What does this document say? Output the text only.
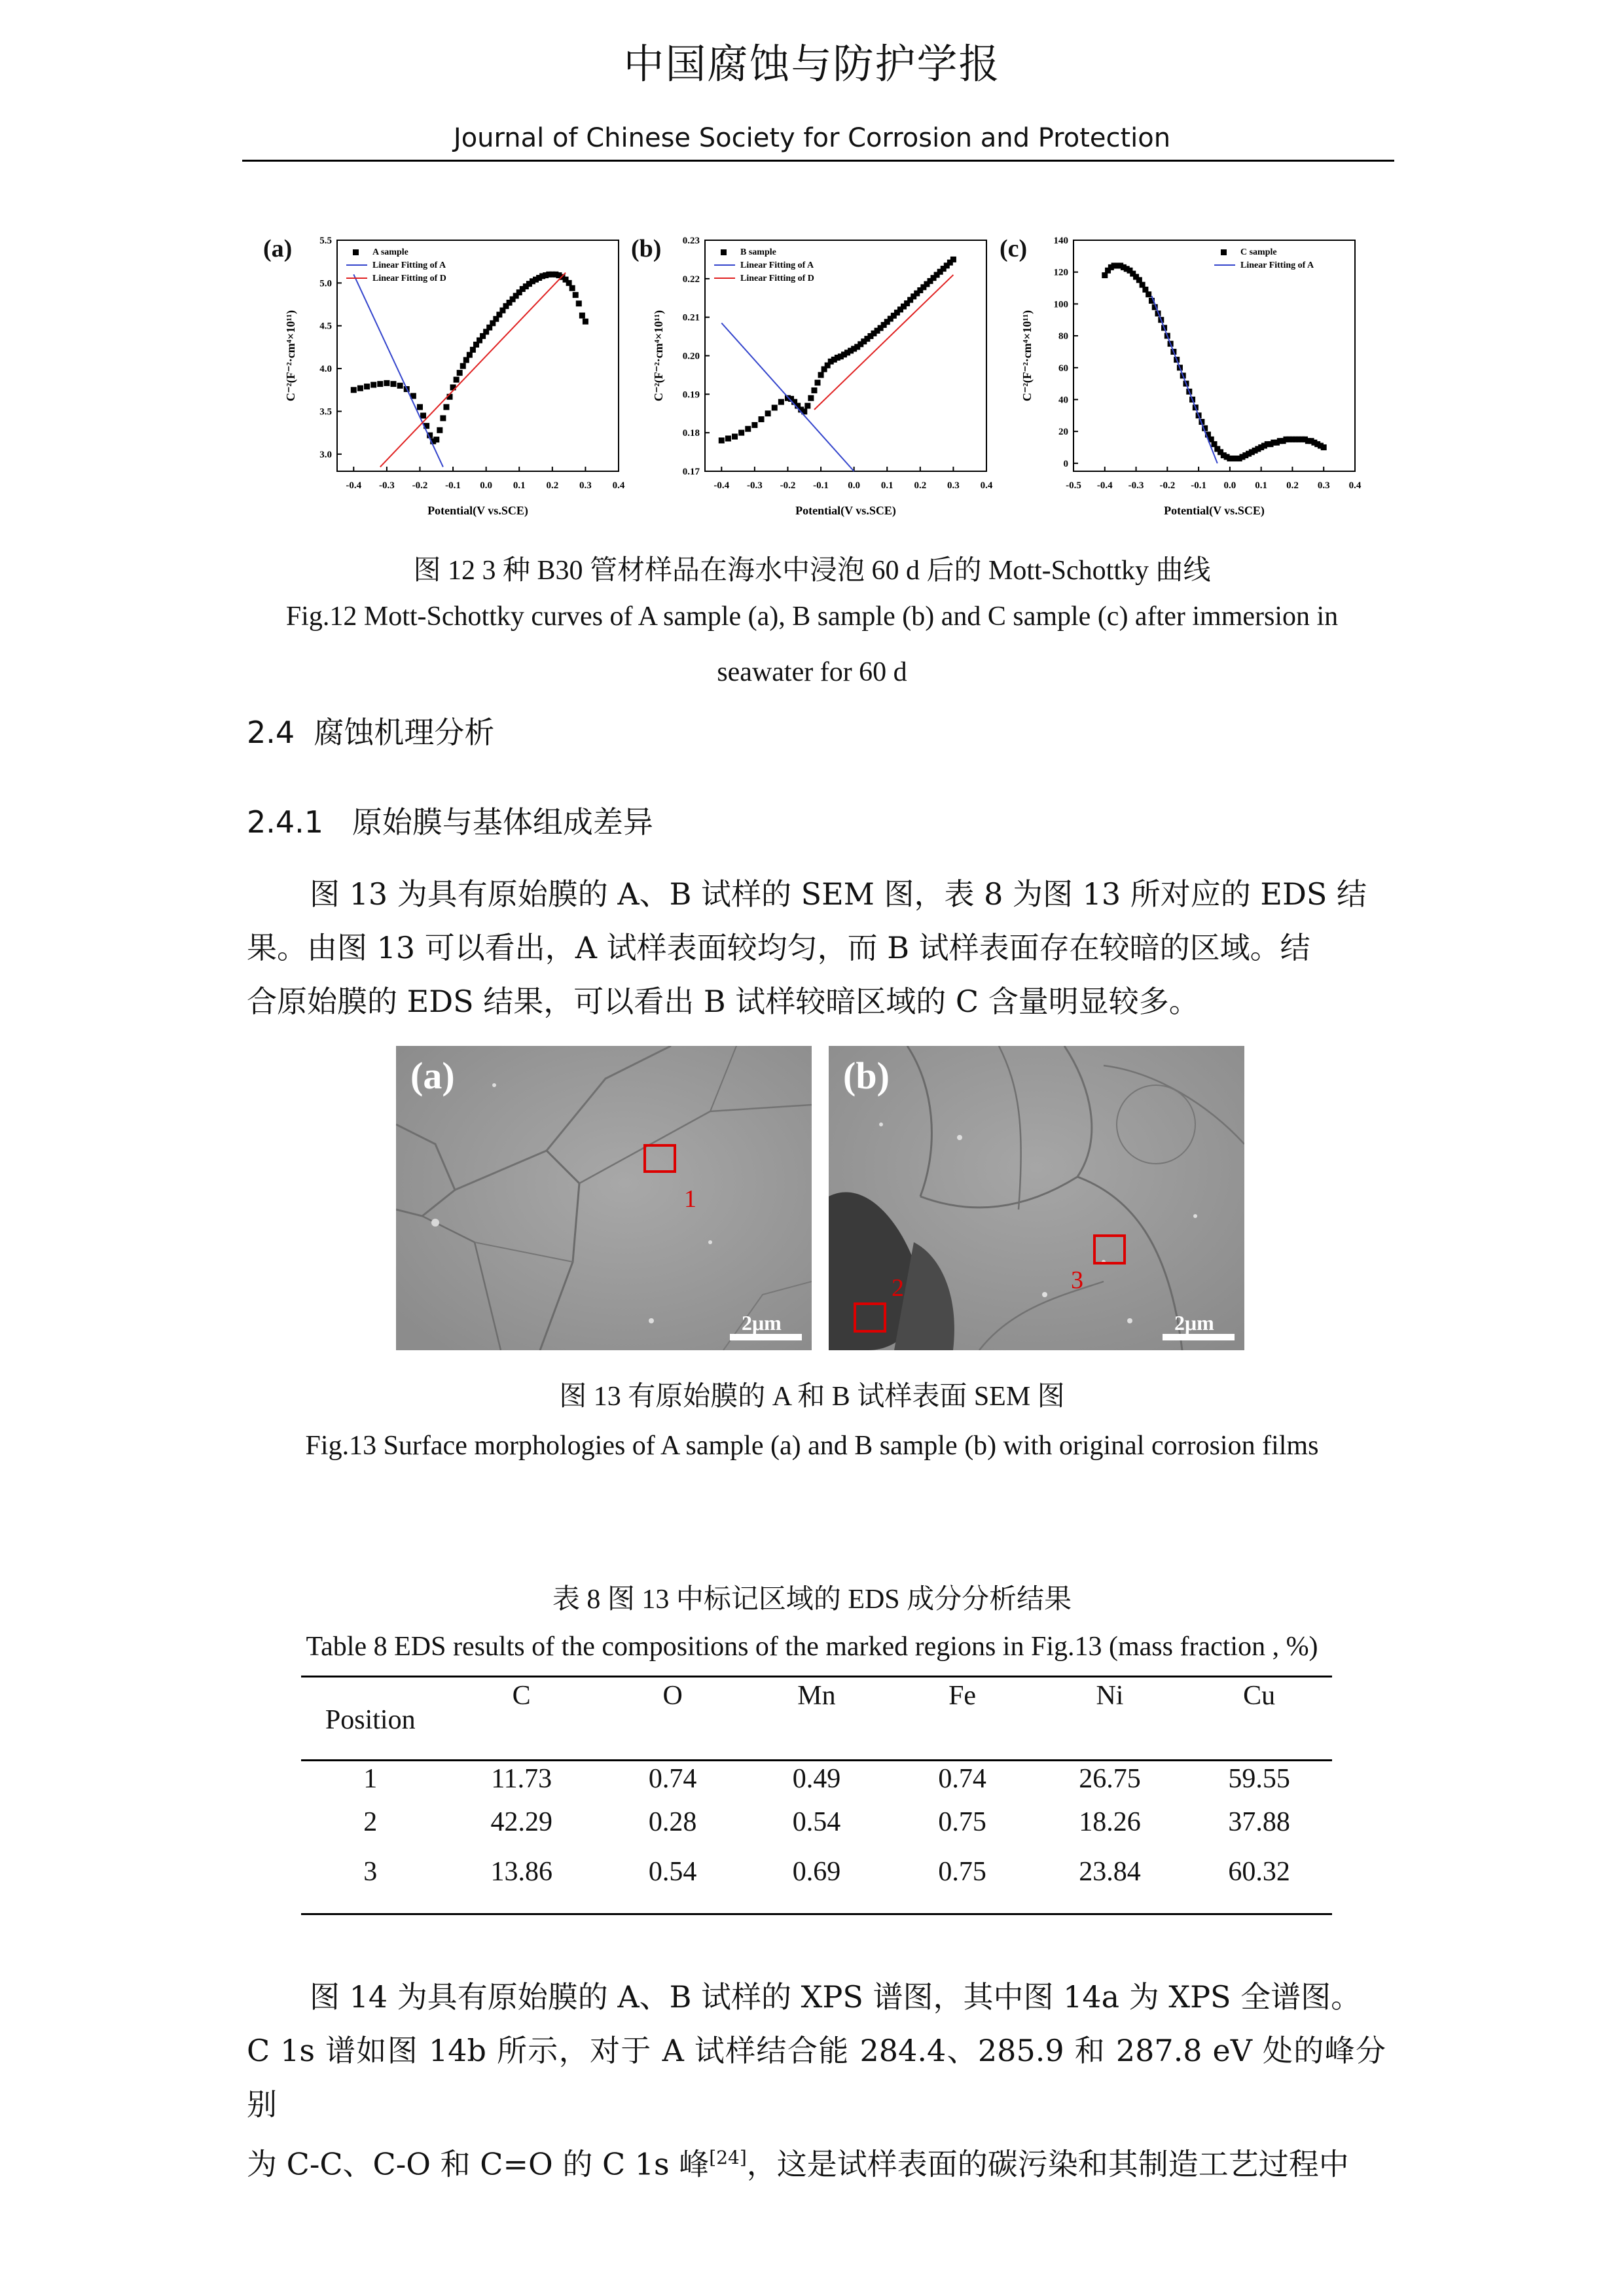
中国腐蚀与防护学报
Journal of Chinese Society for Corrosion and Protection
(a)	(b)	(c)
-0.4 -0.3 -0.2 -0.1 0.0 0.1 0.2 0.3 0.4
3.0
3.5
4.0
4.5
5.0
5.5
Potential(V vs.SCE)
C⁻²(F⁻²·cm⁴×10¹¹)
A sample
Linear Fitting of A
Linear Fitting of D
-0.4 -0.3 -0.2 -0.1 0.0 0.1 0.2 0.3 0.4
0.17
0.18
0.19
0.20
0.21
0.22
0.23
Potential(V vs.SCE)
C⁻²(F⁻²·cm⁴×10¹¹)
B sample
Linear Fitting of A
Linear Fitting of D
-0.5 -0.4 -0.3 -0.2 -0.1 0.0 0.1 0.2 0.3 0.4
0
20
40
60
80
100
120
140
Potential(V vs.SCE)
C⁻²(F⁻²·cm⁴×10¹¹)
C sample
Linear Fitting of A
图 12 3 种 B30 管材样品在海水中浸泡 60 d 后的 Mott-Schottky 曲线
Fig.12 Mott-Schottky curves of A sample (a), B sample (b) and C sample (c) after immersion in
seawater for 60 d
2.4 腐蚀机理分析
2.4.1 原始膜与基体组成差异
图 13 为具有原始膜的 A、B 试样的 SEM 图，表 8 为图 13 所对应的 EDS 结
果。由图 13 可以看出，A 试样表面较均匀，而 B 试样表面存在较暗的区域。结
合原始膜的 EDS 结果，可以看出 B 试样较暗区域的 C 含量明显较多。
(a)
1
2μm
(b)
2	3
2μm
图 13 有原始膜的 A 和 B 试样表面 SEM 图
Fig.13 Surface morphologies of A sample (a) and B sample (b) with original corrosion films
表 8 图 13 中标记区域的 EDS 成分分析结果
Table 8 EDS results of the compositions of the marked regions in Fig.13 (mass fraction , %)
Position	C	O	Mn	Fe	Ni	Cu
1	11.73	0.74	0.49	0.74	26.75	59.55
2	42.29	0.28	0.54	0.75	18.26	37.88
3	13.86	0.54	0.69	0.75	23.84	60.32
图 14 为具有原始膜的 A、B 试样的 XPS 谱图，其中图 14a 为 XPS 全谱图。
C 1s 谱如图 14b 所示，对于 A 试样结合能 284.4、285.9 和 287.8 eV 处的峰分别
为 C-C、C-O 和 C=O 的 C 1s 峰[24]，这是试样表面的碳污染和其制造工艺过程中
